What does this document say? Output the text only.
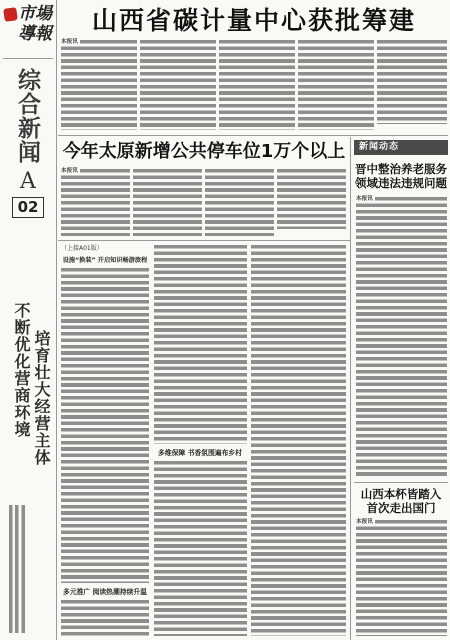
市場導報
综合新闻
A
02
不断优化营商环境 培育壮大经营主体
山西省碳计量中心获批筹建
本报讯
今年太原新增公共停车位1万个以上
本报讯
（上接A01版）
设施“换装” 开启知识畅游旅程
多元推广 阅读热潮持续升温
多维保障 书香氛围遍布乡村
新闻动态
晋中整治养老服务
领域违法违规问题
本报讯
山西本杯皆踏入
首次走出国门
本报讯
